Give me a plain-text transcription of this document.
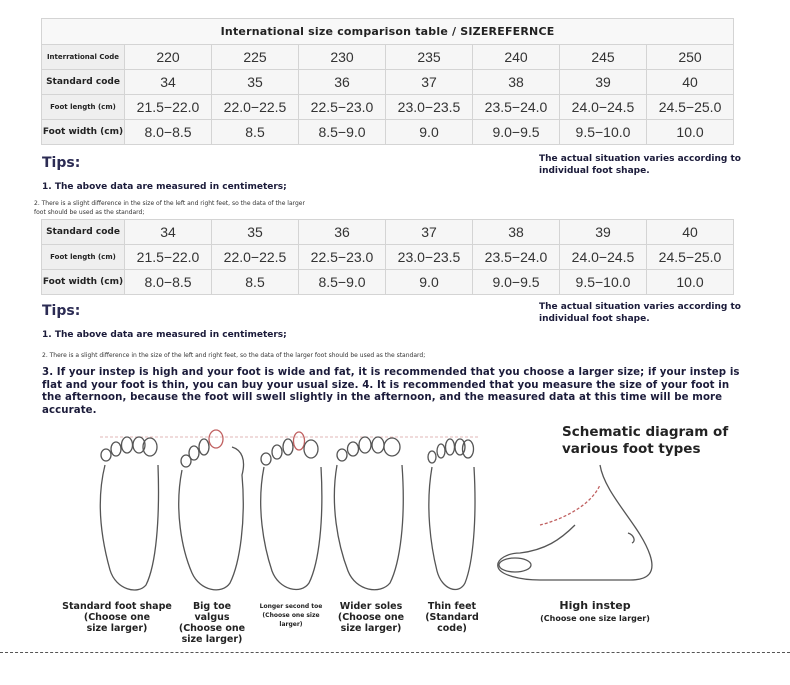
International size comparison table / SIZEREFERNCE							
Interrational Code	220	225	230	235	240	245	250
Standard code	34	35	36	37	38	39	40
Foot length (cm)	21.5−22.0	22.0−22.5	22.5−23.0	23.0−23.5	23.5−24.0	24.0−24.5	24.5−25.0
Foot width (cm)	8.0−8.5	8.5	8.5−9.0	9.0	9.0−9.5	9.5−10.0	10.0
Tips:	The actual situation varies according to
individual foot shape.
1. The above data are measured in centimeters;
2. There is a slight difference in the size of the left and right feet, so the data of the larger
foot should be used as the standard;
Standard code	34	35	36	37	38	39	40
Foot length (cm)	21.5−22.0	22.0−22.5	22.5−23.0	23.0−23.5	23.5−24.0	24.0−24.5	24.5−25.0
Foot width (cm)	8.0−8.5	8.5	8.5−9.0	9.0	9.0−9.5	9.5−10.0	10.0
Tips:	The actual situation varies according to
individual foot shape.
1. The above data are measured in centimeters;
2. There is a slight difference in the size of the left and right feet, so the data of the larger foot should be used as the standard;
3. If your instep is high and your foot is wide and fat, it is recommended that you choose a larger size; if your instep is
flat and your foot is thin, you can buy your usual size. 4. It is recommended that you measure the size of your foot in
the afternoon, because the foot will swell slightly in the afternoon, and the measured data at this time will be more
accurate.
Schematic diagram of
various foot types
Standard foot shape
(Choose one
size larger)
Big toe valgus
(Choose one
size larger)
Longer second toe
(Choose one size larger)
Wider soles
(Choose one
size larger)
Thin feet
(Standard
code)
High instep
(Choose one size larger)
